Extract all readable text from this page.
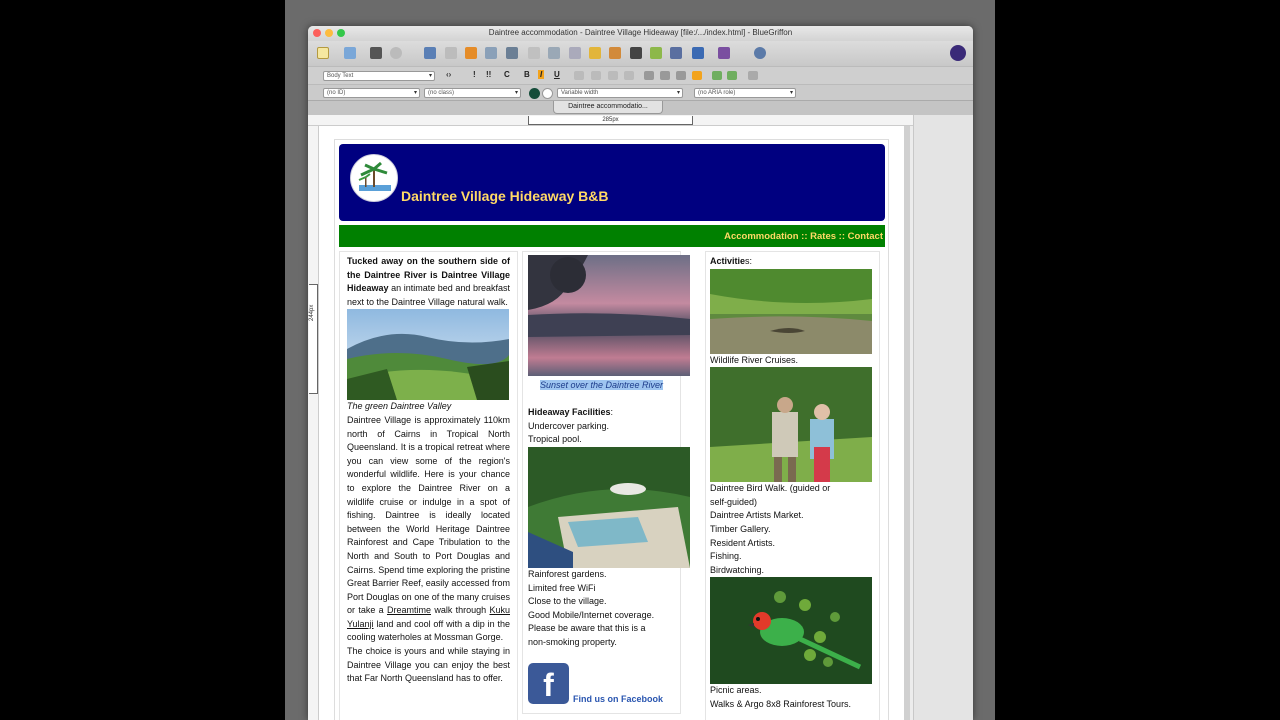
Daintree accommodation - Daintree Village Hideaway [file:/.../index.html] - BlueGriffon
Body Text ▾	‹›	! !! C B I U
(no ID) ▾	(no class) ▾	Variable width ▾	(no ARIA role) ▾
Daintree accommodatio...
285px
244px
Daintree Village Hideaway B&B
Accommodation :: Rates :: Contact
Tucked away on the southern side of the Daintree River is Daintree Village Hideaway an intimate bed and breakfast next to the Daintree Village natural walk.
The green Daintree Valley
Daintree Village is approximately 110km north of Cairns in Tropical North Queensland. It is a tropical retreat where you can view some of the region's wonderful wildlife. Here is your chance to explore the Daintree River on a wildlife cruise or indulge in a spot of fishing. Daintree is ideally located between the World Heritage Daintree Rainforest and Cape Tribulation to the North and South to Port Douglas and Cairns. Spend time exploring the pristine Great Barrier Reef, easily accessed from Port Douglas on one of the many cruises or take a Dreamtime walk through Kuku Yulanji land and cool off with a dip in the cooling waterholes at Mossman Gorge.
The choice is yours and while staying in Daintree Village you can enjoy the best that Far North Queensland has to offer.
Sunset over the Daintree River
Hideaway Facilities:
Undercover parking.
Tropical pool.
Rainforest gardens.
Limited free WiFi
Close to the village.
Good Mobile/Internet coverage.
Please be aware that this is a
non-smoking property.
f	Find us on Facebook
Activities:
Wildlife River Cruises.
Daintree Bird Walk. (guided or
self-guided)
Daintree Artists Market.
Timber Gallery.
Resident Artists.
Fishing.
Birdwatching.
Picnic areas.
Walks & Argo 8x8 Rainforest Tours.
